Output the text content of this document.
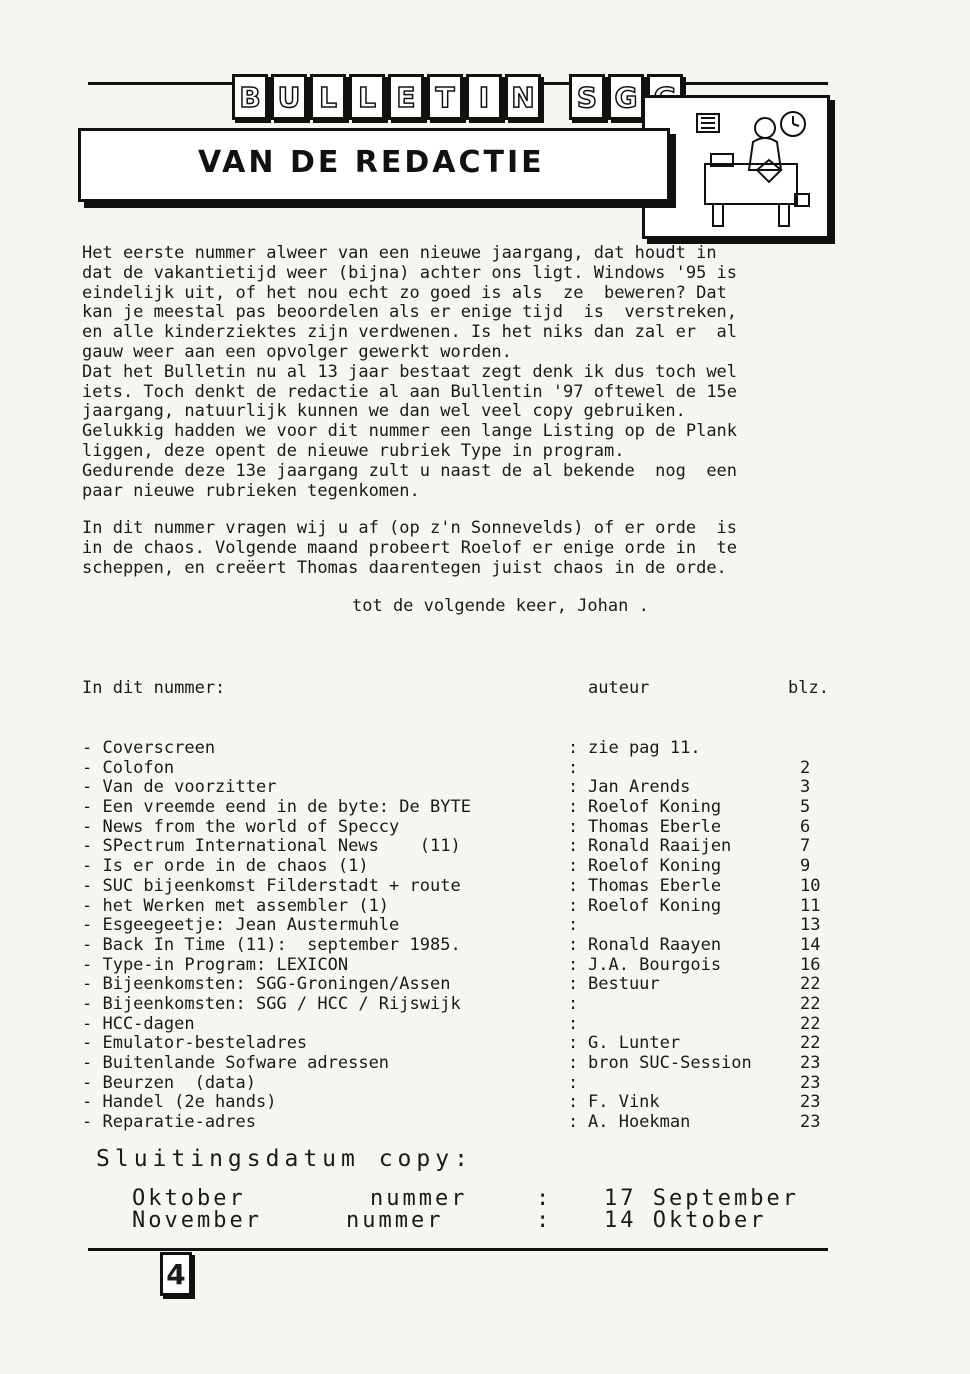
B U L L E T I N S G
VAN DE REDACTIE

Het eerste nummer alweer van een nieuwe jaargang, dat houdt in
dat de vakantietijd weer (bijna) achter ons ligt. Windows '95 is
eindelijk uit, of het nou echt zo goed is als  ze  beweren? Dat
kan je meestal pas beoordelen als er enige tijd  is  verstreken,
en alle kinderziektes zijn verdwenen. Is het niks dan zal er  al
gauw weer aan een opvolger gewerkt worden.
Dat het Bulletin nu al 13 jaar bestaat zegt denk ik dus toch wel
iets. Toch denkt de redactie al aan Bullentin '97 oftewel de 15e
jaargang, natuurlijk kunnen we dan wel veel copy gebruiken.
Gelukkig hadden we voor dit nummer een lange Listing op de Plank
liggen, deze opent de nieuwe rubriek Type in program.
Gedurende deze 13e jaargang zult u naast de al bekende  nog  een
paar nieuwe rubrieken tegenkomen.

In dit nummer vragen wij u af (op z'n Sonnevelds) of er orde  is
in de chaos. Volgende maand probeert Roelof er enige orde in  te
scheppen, en creëert Thomas daarentegen juist chaos in de orde.

tot de volgende keer, Johan .
In dit nummer:	auteur	blz.
- Coverscreen	: zie pag 11.
- Colofon	:	2
- Van de voorzitter	: Jan Arends	3
- Een vreemde eend in de byte: De BYTE	: Roelof Koning	5
- News from the world of Speccy	: Thomas Eberle	6
- SPectrum International News    (11)	: Ronald Raaijen	7
- Is er orde in de chaos (1)	: Roelof Koning	9
- SUC bijeenkomst Filderstadt + route	: Thomas Eberle	10
- het Werken met assembler (1)	: Roelof Koning	11
- Esgeegeetje: Jean Austermuhle	:	13
- Back In Time (11):  september 1985.	: Ronald Raayen	14
- Type-in Program: LEXICON	: J.A. Bourgois	16
- Bijeenkomsten: SGG-Groningen/Assen	: Bestuur	22
- Bijeenkomsten: SGG / HCC / Rijswijk	:	22
- HCC-dagen	:	22
- Emulator-besteladres	: G. Lunter	22
- Buitenlande Sofware adressen	: bron SUC-Session	23
- Beurzen  (data)	:	23
- Handel (2e hands)	: F. Vink	23
- Reparatie-adres	: A. Hoekman	23
Sluitingsdatum copy:
Oktober	nummer	: 17 September
November	nummer	: 14 Oktober
4
